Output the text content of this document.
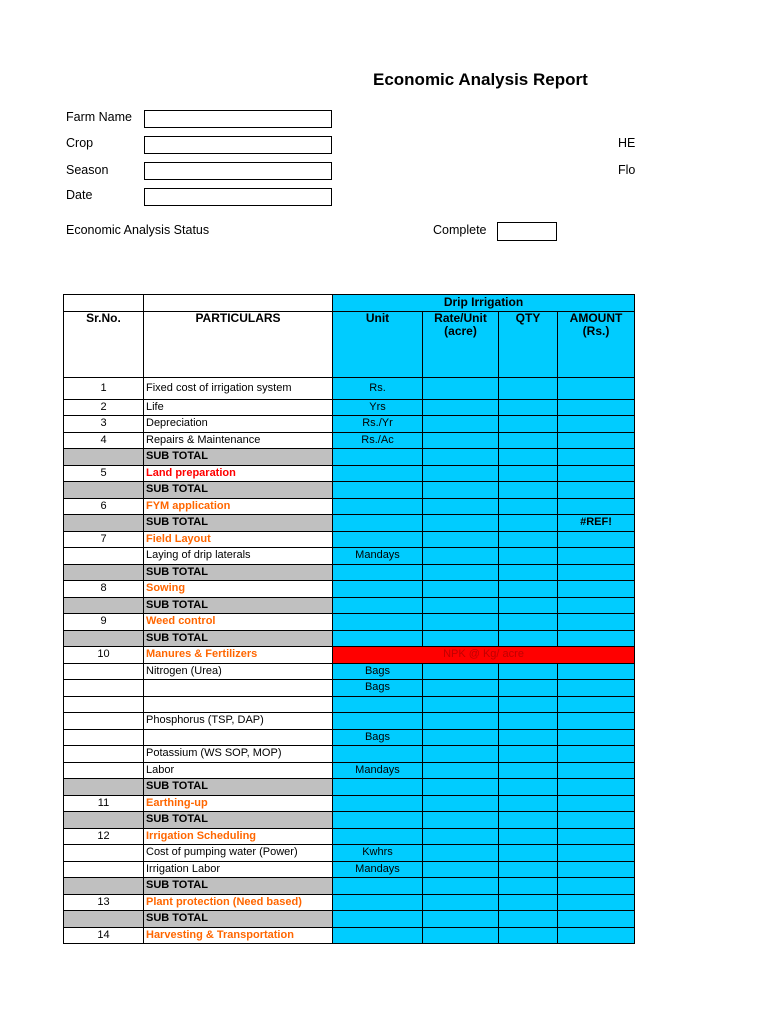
Economic Analysis Report
Farm Name
Crop
Season
Date
HE
Flo
Economic Analysis Status	Complete
		Drip Irrigation			
Sr.No.	PARTICULARS	Unit	Rate/Unit (acre)	QTY	AMOUNT (Rs.)
1	Fixed cost of irrigation system	Rs.			
2	Life	Yrs			
3	Depreciation	Rs./Yr			
4	Repairs & Maintenance	Rs./Ac			
	SUB TOTAL				
5	Land preparation				
	SUB TOTAL				
6	FYM application				
	SUB TOTAL				#REF!
7	Field Layout				
	Laying of drip laterals	Mandays			
	SUB TOTAL				
8	Sowing				
	SUB TOTAL				
9	Weed control				
	SUB TOTAL				
10	Manures & Fertilizers	NPK @ Kg/ acre			
	Nitrogen (Urea)	Bags			
		Bags			

	Phosphorus (TSP, DAP)				
		Bags			
	Potassium (WS SOP, MOP)				
	Labor	Mandays			
	SUB TOTAL				
11	Earthing-up				
	SUB TOTAL				
12	Irrigation Scheduling				
	Cost of pumping water (Power)	Kwhrs			
	Irrigation Labor	Mandays			
	SUB TOTAL				
13	Plant protection (Need based)				
	SUB TOTAL				
14	Harvesting & Transportation				
